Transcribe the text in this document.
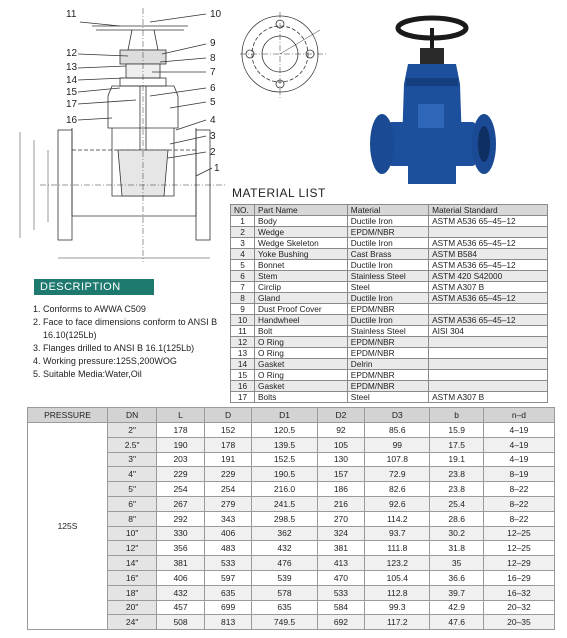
11	10
9
8
7
6
5
4
3
2
1
12
13
14
15
17
16
MATERIAL LIST
NO.	Part Name	Material	Material Standard
1	Body	Ductile Iron	ASTM A536 65–45–12
2	Wedge	EPDM/NBR	
3	Wedge Skeleton	Ductile Iron	ASTM A536 65–45–12
4	Yoke Bushing	Cast Brass	ASTM B584
5	Bonnet	Ductile Iron	ASTM A536 65–45–12
6	Stem	Stainless Steel	ASTM 420 S42000
7	Circlip	Steel	ASTM A307 B
8	Gland	Ductile Iron	ASTM A536 65–45–12
9	Dust Proof Cover	EPDM/NBR	
10	Handwheel	Ductile Iron	ASTM A536 65–45–12
11	Bolt	Stainless Steel	AISI 304
12	O Ring	EPDM/NBR	
13	O Ring	EPDM/NBR	
14	Gasket	Delrin	
15	O Ring	EPDM/NBR	
16	Gasket	EPDM/NBR	
17	Bolts	Steel	ASTM A307 B
DESCRIPTION
1. Conforms to AWWA C509
2. Face to face dimensions conform to ANSI B 16.10(125Lb)
3. Flanges drilled to ANSI B 16.1(125Lb)
4. Working pressure:125S,200WOG
5. Suitable Media:Water,Oil
PRESSURE	DN	L	D	D1	D2	D3	b	n–d
125S	2"	178	152	120.5	92	85.6	15.9	4–19
	2.5"	190	178	139.5	105	99	17.5	4–19
	3"	203	191	152.5	130	107.8	19.1	4–19
	4"	229	229	190.5	157	72.9	23.8	8–19
	5"	254	254	216.0	186	82.6	23.8	8–22
	6"	267	279	241.5	216	92.6	25.4	8–22
	8"	292	343	298.5	270	114.2	28.6	8–22
	10"	330	406	362	324	93.7	30.2	12–25
	12"	356	483	432	381	111.8	31.8	12–25
	14"	381	533	476	413	123.2	35	12–29
	16"	406	597	539	470	105.4	36.6	16–29
	18"	432	635	578	533	112.8	39.7	16–32
	20"	457	699	635	584	99.3	42.9	20–32
	24"	508	813	749.5	692	117.2	47.6	20–35
